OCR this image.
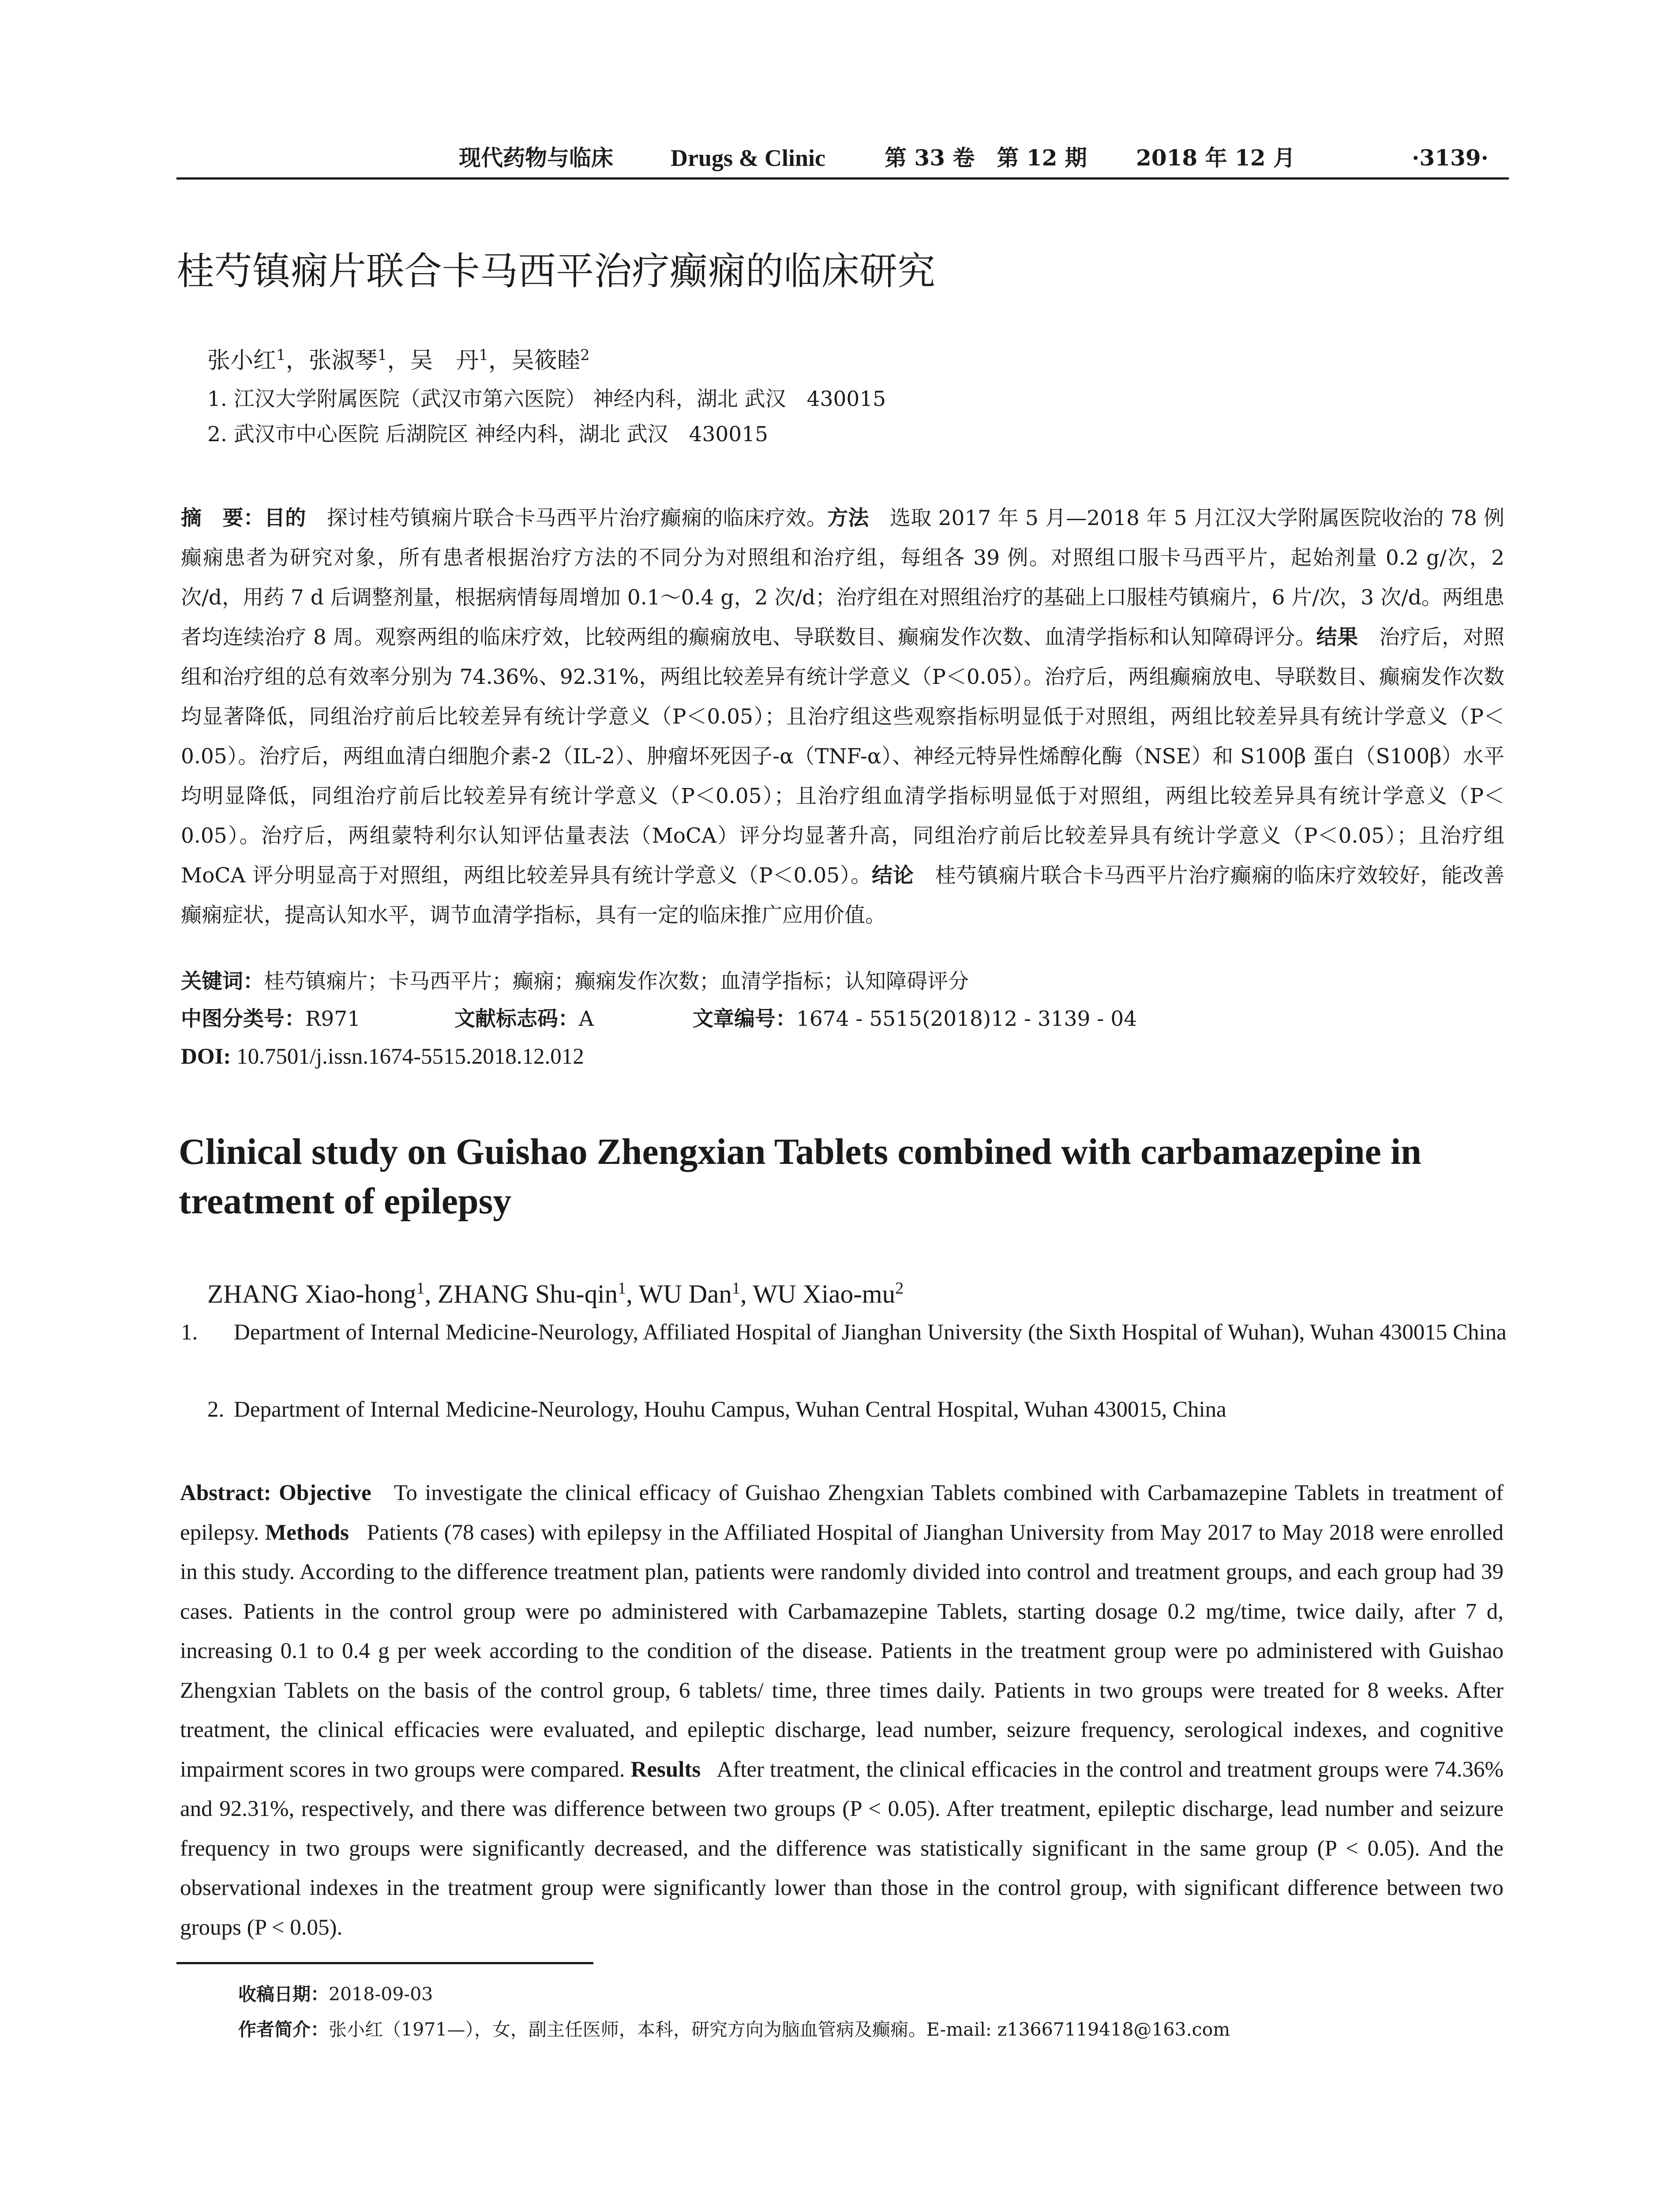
现代药物与临床 Drugs & Clinic	第 33 卷　第 12 期 2018 年 12 月	·3139·
桂芍镇痫片联合卡马西平治疗癫痫的临床研究
张小红$^1$，张淑琴$^1$，吴　丹$^1$，吴筱睦$^2$
1. 江汉大学附属医院（武汉市第六医院） 神经内科，湖北 武汉　430015
2. 武汉市中心医院 后湖院区 神经内科，湖北 武汉　430015
摘　要：目的　 探讨桂芍镇痫片联合卡马西平片治疗癫痫的临床疗效。方法　 选取 2017 年 5 月—2018 年 5 月江汉大学附属医院收治的 78 例癫痫患者为研究对象，所有患者根据治疗方法的不同分为对照组和治疗组，每组各 39 例。对照组口服卡马西平片，起始剂量 0.2 g/次，2 次/d，用药 7 d 后调整剂量，根据病情每周增加 0.1～0.4 g，2 次/d；治疗组在对照组治疗的基础上口服桂芍镇痫片，6 片/次，3 次/d。两组患者均连续治疗 8 周。观察两组的临床疗效，比较两组的癫痫放电、导联数目、癫痫发作次数、血清学指标和认知障碍评分。结果　 治疗后，对照组和治疗组的总有效率分别为 74.36%、92.31%，两组比较差异有统计学意义（P＜0.05）。治疗后，两组癫痫放电、导联数目、癫痫发作次数均显著降低，同组治疗前后比较差异有统计学意义（P＜0.05）；且治疗组这些观察指标明显低于对照组，两组比较差异具有统计学意义（P＜0.05）。治疗后，两组血清白细胞介素-2（IL-2）、肿瘤坏死因子-α（TNF-α）、神经元特异性烯醇化酶（NSE）和 S100β 蛋白（S100β）水平均明显降低，同组治疗前后比较差异有统计学意义（P＜0.05）；且治疗组血清学指标明显低于对照组，两组比较差异具有统计学意义（P＜0.05）。治疗后，两组蒙特利尔认知评估量表法（MoCA）评分均显著升高，同组治疗前后比较差异具有统计学意义（P＜0.05）；且治疗组 MoCA 评分明显高于对照组，两组比较差异具有统计学意义（P＜0.05）。结论　 桂芍镇痫片联合卡马西平片治疗癫痫的临床疗效较好，能改善癫痫症状，提高认知水平，调节血清学指标，具有一定的临床推广应用价值。
关键词：桂芍镇痫片；卡马西平片；癫痫；癫痫发作次数；血清学指标；认知障碍评分
中图分类号：R971	文献标志码：A	文章编号：1674 - 5515(2018)12 - 3139 - 04
DOI: 10.7501/j.issn.1674-5515.2018.12.012
Clinical study on Guishao Zhengxian Tablets combined with carbamazepine in treatment of epilepsy
ZHANG Xiao-hong$^1$, ZHANG Shu-qin$^1$, WU Dan$^1$, WU Xiao-$mu^2$
1. Department of Internal Medicine-Neurology, Affiliated Hospital of Jianghan University (the Sixth Hospital of Wuhan), Wuhan 430015 China
2. Department of Internal Medicine-Neurology, Houhu Campus, Wuhan Central Hospital, Wuhan 430015, China
Abstract: Objective To investigate the clinical efficacy of Guishao Zhengxian Tablets combined with Carbamazepine Tablets in treatment of epilepsy. Methods Patients (78 cases) with epilepsy in the Affiliated Hospital of Jianghan University from May 2017 to May 2018 were enrolled in this study. According to the difference treatment plan, patients were randomly divided into control and treatment groups, and each group had 39 cases. Patients in the control group were po administered with Carbamazepine Tablets, starting dosage 0.2 mg/time, twice daily, after 7 d, increasing 0.1 to 0.4 g per week according to the condition of the disease. Patients in the treatment group were po administered with Guishao Zhengxian Tablets on the basis of the control group, 6 tablets/ time, three times daily. Patients in two groups were treated for 8 weeks. After treatment, the clinical efficacies were evaluated, and epileptic discharge, lead number, seizure frequency, serological indexes, and cognitive impairment scores in two groups were compared. Results After treatment, the clinical efficacies in the control and treatment groups were 74.36% and 92.31%, respectively, and there was difference between two groups (P < 0.05). After treatment, epileptic discharge, lead number and seizure frequency in two groups were significantly decreased, and the difference was statistically significant in the same group (P < 0.05). And the observational indexes in the treatment group were significantly lower than those in the control group, with significant difference between two groups (P < 0.05).
收稿日期：2018-09-03
作者简介：张小红（1971—），女，副主任医师，本科，研究方向为脑血管病及癫痫。E-mail: z13667119418@163.com
